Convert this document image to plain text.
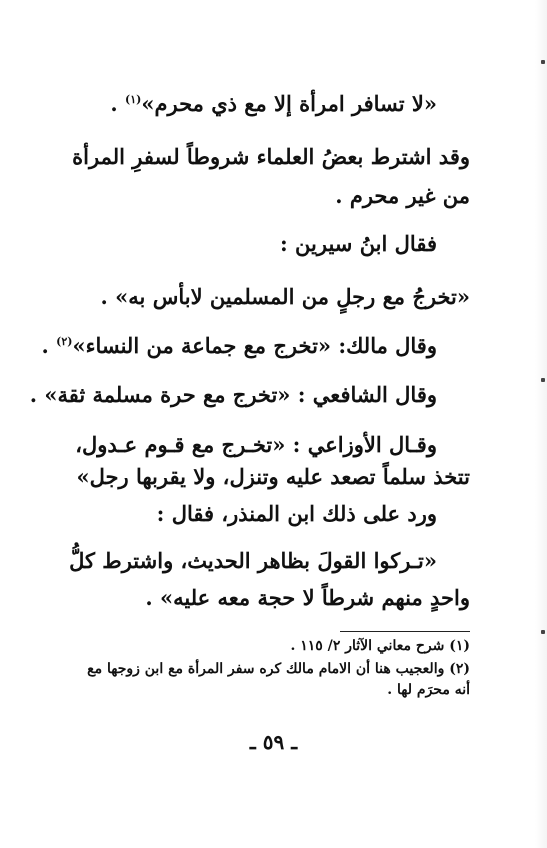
«لا تسافر امرأة إلا مع ذي محرم»$^{(١)}$ .
وقد اشترط بعضُ العلماء شروطاً لسفرِ المرأة
من غير محرم .
فقال ابنُ سيرين :
«تخرجُ مع رجلٍ من المسلمين لابأس به» .
وقال مالك: «تخرج مع جماعة من النساء»$^{(٢)}$ .
وقال الشافعي : «تخرج مع حرة مسلمة ثقة» .
وقـال الأوزاعي : «تخـرج مع قـوم عـدول،
تتخذ سلماً تصعد عليه وتنزل، ولا يقربها رجل»
ورد على ذلك ابن المنذر، فقال :
«تـركوا القولَ بظاهر الحديث، واشترط كلُّ
واحدٍ منهم شرطاً لا حجة معه عليه» .
(١) شرح معاني الآثار ٢/ ١١٥ .
(٢) والعجيب هنا أن الامام مالك كره سفر المرأة مع ابن زوجها مع
أنه محرَم لها .
ـ ٥٩ ـ
